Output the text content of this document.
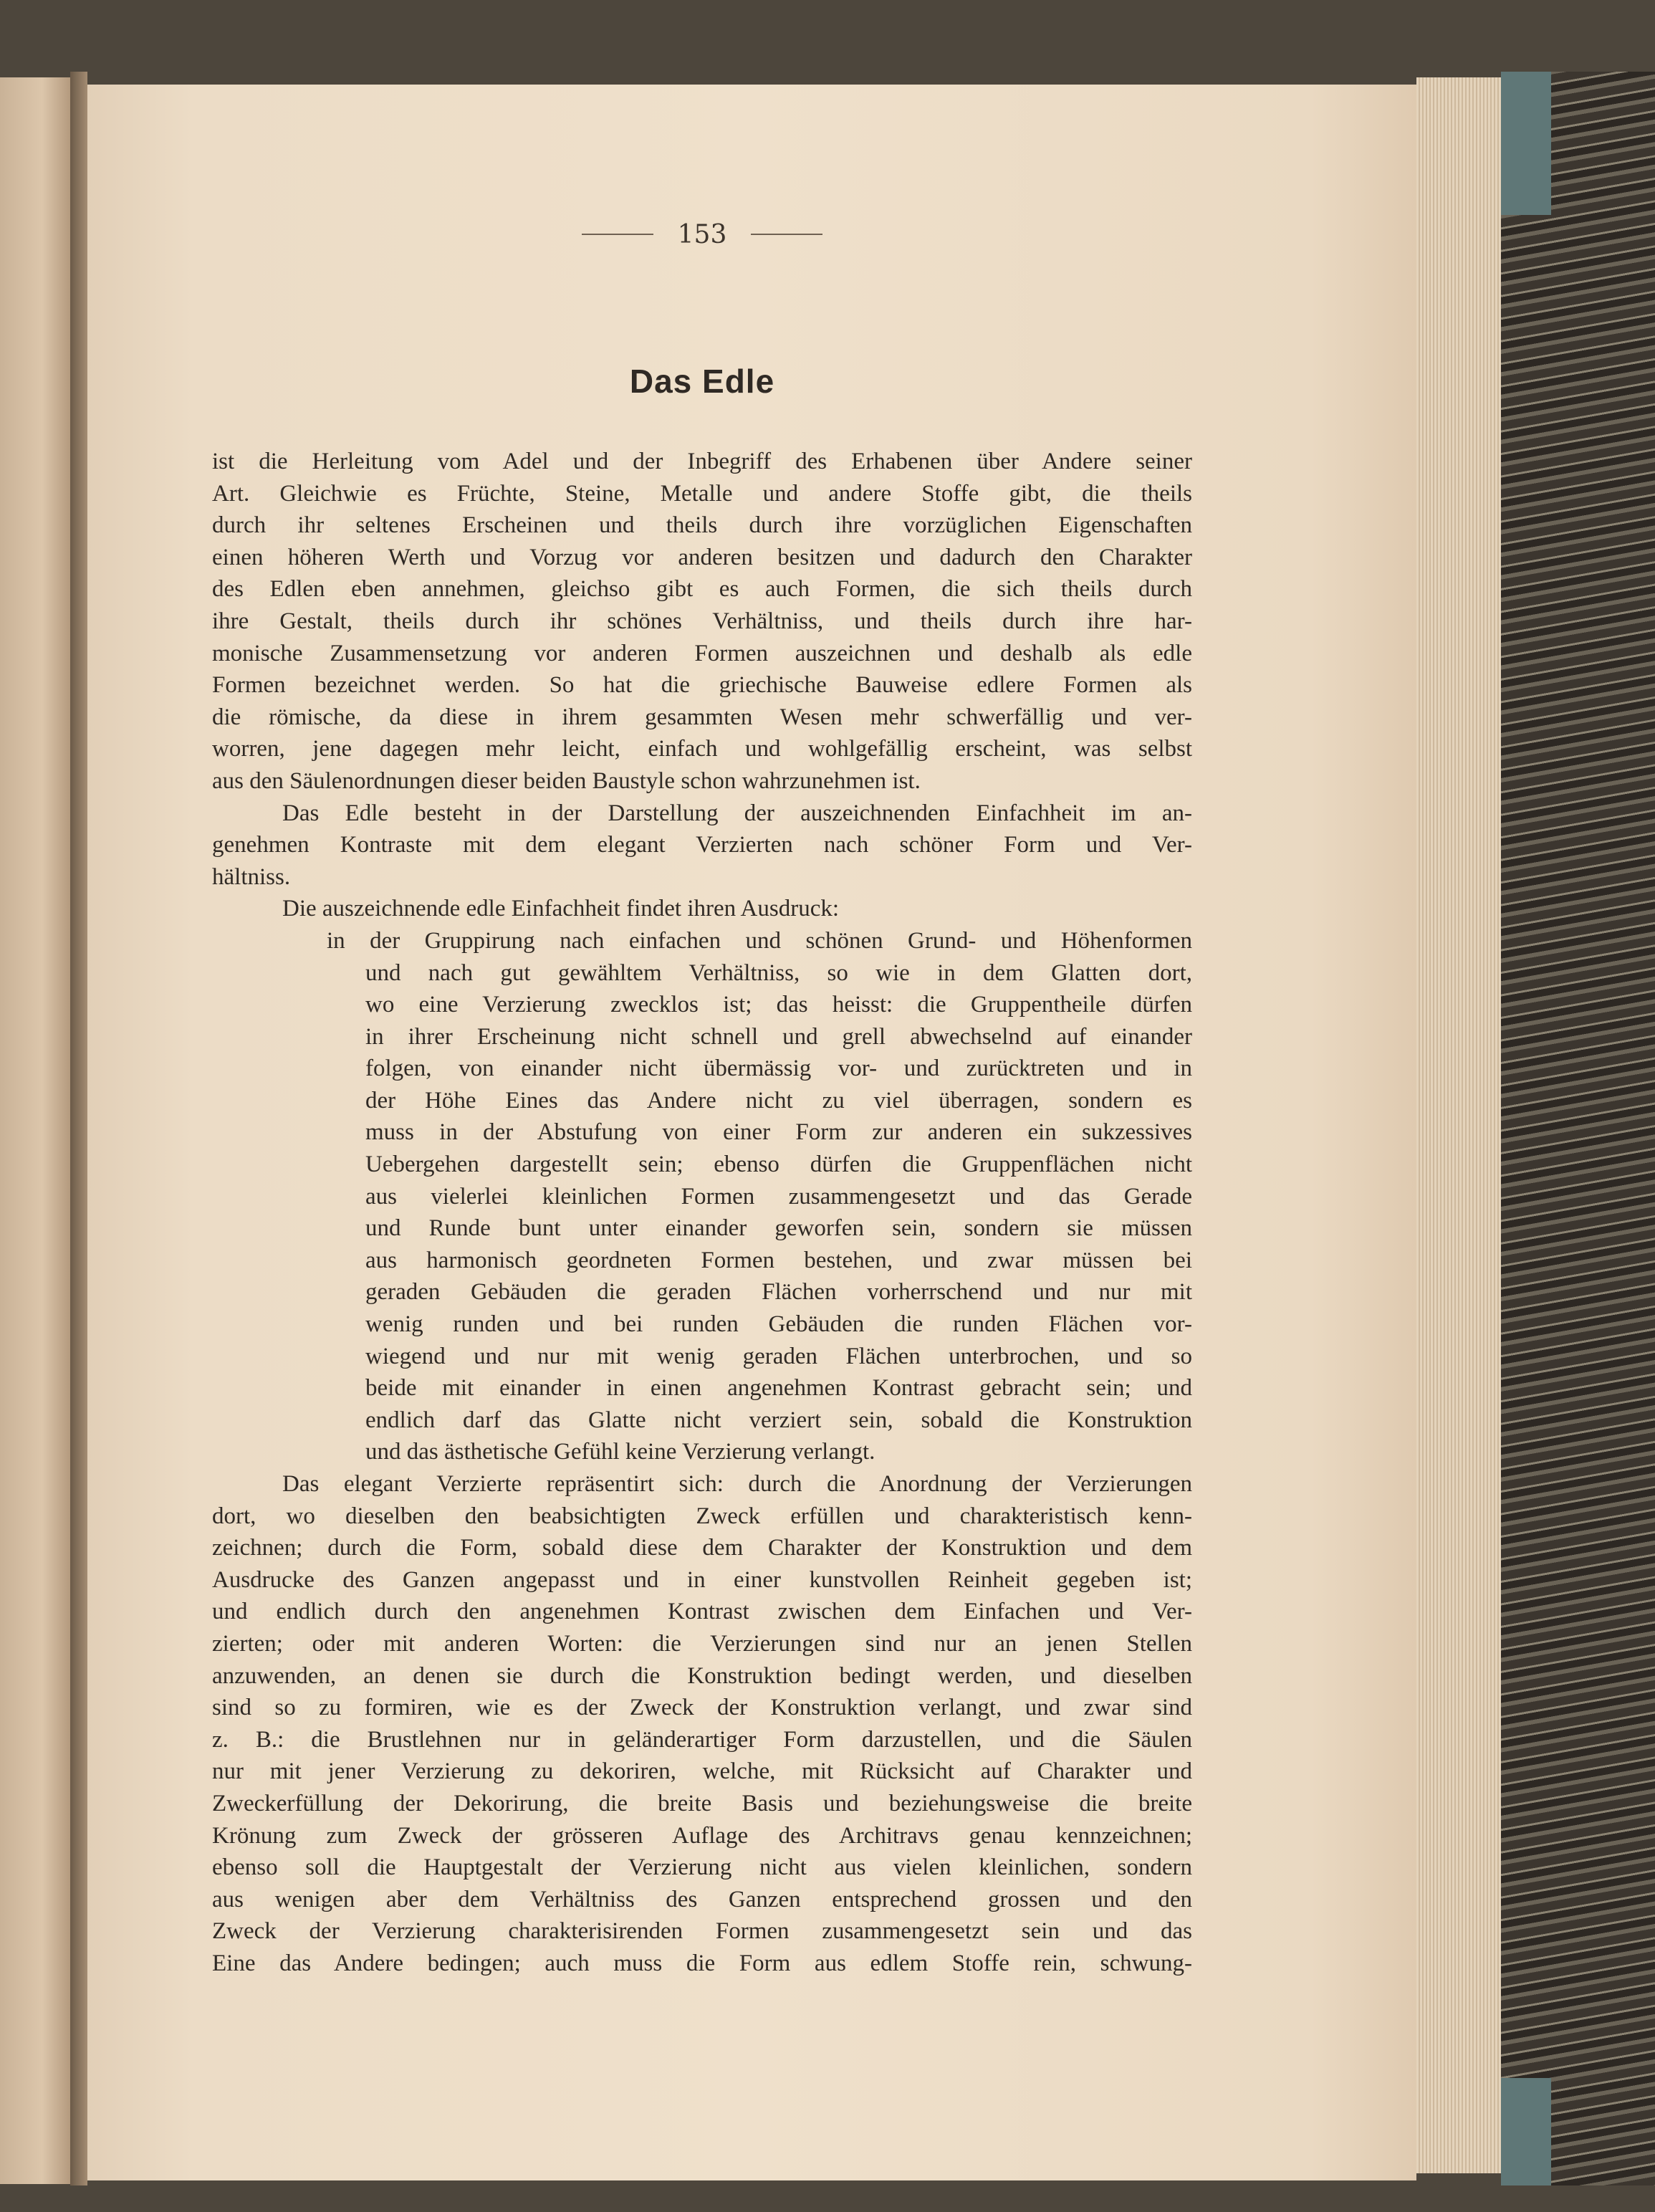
153
Das Edle
ist die Herleitung vom Adel und der Inbegriff des Erhabenen über Andere seiner
Art. Gleichwie es Früchte, Steine, Metalle und andere Stoffe gibt, die theils
durch ihr seltenes Erscheinen und theils durch ihre vorzüglichen Eigenschaften
einen höheren Werth und Vorzug vor anderen besitzen und dadurch den Charakter
des Edlen eben annehmen, gleichso gibt es auch Formen, die sich theils durch
ihre Gestalt, theils durch ihr schönes Verhältniss, und theils durch ihre har-
monische Zusammensetzung vor anderen Formen auszeichnen und deshalb als edle
Formen bezeichnet werden. So hat die griechische Bauweise edlere Formen als
die römische, da diese in ihrem gesammten Wesen mehr schwerfällig und ver-
worren, jene dagegen mehr leicht, einfach und wohlgefällig erscheint, was selbst
aus den Säulenordnungen dieser beiden Baustyle schon wahrzunehmen ist.
Das Edle besteht in der Darstellung der auszeichnenden Einfachheit im an-
genehmen Kontraste mit dem elegant Verzierten nach schöner Form und Ver-
hältniss.
Die auszeichnende edle Einfachheit findet ihren Ausdruck:
in der Gruppirung nach einfachen und schönen Grund- und Höhenformen
und nach gut gewähltem Verhältniss, so wie in dem Glatten dort,
wo eine Verzierung zwecklos ist; das heisst: die Gruppentheile dürfen
in ihrer Erscheinung nicht schnell und grell abwechselnd auf einander
folgen, von einander nicht übermässig vor- und zurücktreten und in
der Höhe Eines das Andere nicht zu viel überragen, sondern es
muss in der Abstufung von einer Form zur anderen ein sukzessives
Uebergehen dargestellt sein; ebenso dürfen die Gruppenflächen nicht
aus vielerlei kleinlichen Formen zusammengesetzt und das Gerade
und Runde bunt unter einander geworfen sein, sondern sie müssen
aus harmonisch geordneten Formen bestehen, und zwar müssen bei
geraden Gebäuden die geraden Flächen vorherrschend und nur mit
wenig runden und bei runden Gebäuden die runden Flächen vor-
wiegend und nur mit wenig geraden Flächen unterbrochen, und so
beide mit einander in einen angenehmen Kontrast gebracht sein; und
endlich darf das Glatte nicht verziert sein, sobald die Konstruktion
und das ästhetische Gefühl keine Verzierung verlangt.
Das elegant Verzierte repräsentirt sich: durch die Anordnung der Verzierungen
dort, wo dieselben den beabsichtigten Zweck erfüllen und charakteristisch kenn-
zeichnen; durch die Form, sobald diese dem Charakter der Konstruktion und dem
Ausdrucke des Ganzen angepasst und in einer kunstvollen Reinheit gegeben ist;
und endlich durch den angenehmen Kontrast zwischen dem Einfachen und Ver-
zierten; oder mit anderen Worten: die Verzierungen sind nur an jenen Stellen
anzuwenden, an denen sie durch die Konstruktion bedingt werden, und dieselben
sind so zu formiren, wie es der Zweck der Konstruktion verlangt, und zwar sind
z. B.: die Brustlehnen nur in geländerartiger Form darzustellen, und die Säulen
nur mit jener Verzierung zu dekoriren, welche, mit Rücksicht auf Charakter und
Zweckerfüllung der Dekorirung, die breite Basis und beziehungsweise die breite
Krönung zum Zweck der grösseren Auflage des Architravs genau kennzeichnen;
ebenso soll die Hauptgestalt der Verzierung nicht aus vielen kleinlichen, sondern
aus wenigen aber dem Verhältniss des Ganzen entsprechend grossen und den
Zweck der Verzierung charakterisirenden Formen zusammengesetzt sein und das
Eine das Andere bedingen; auch muss die Form aus edlem Stoffe rein, schwung-
